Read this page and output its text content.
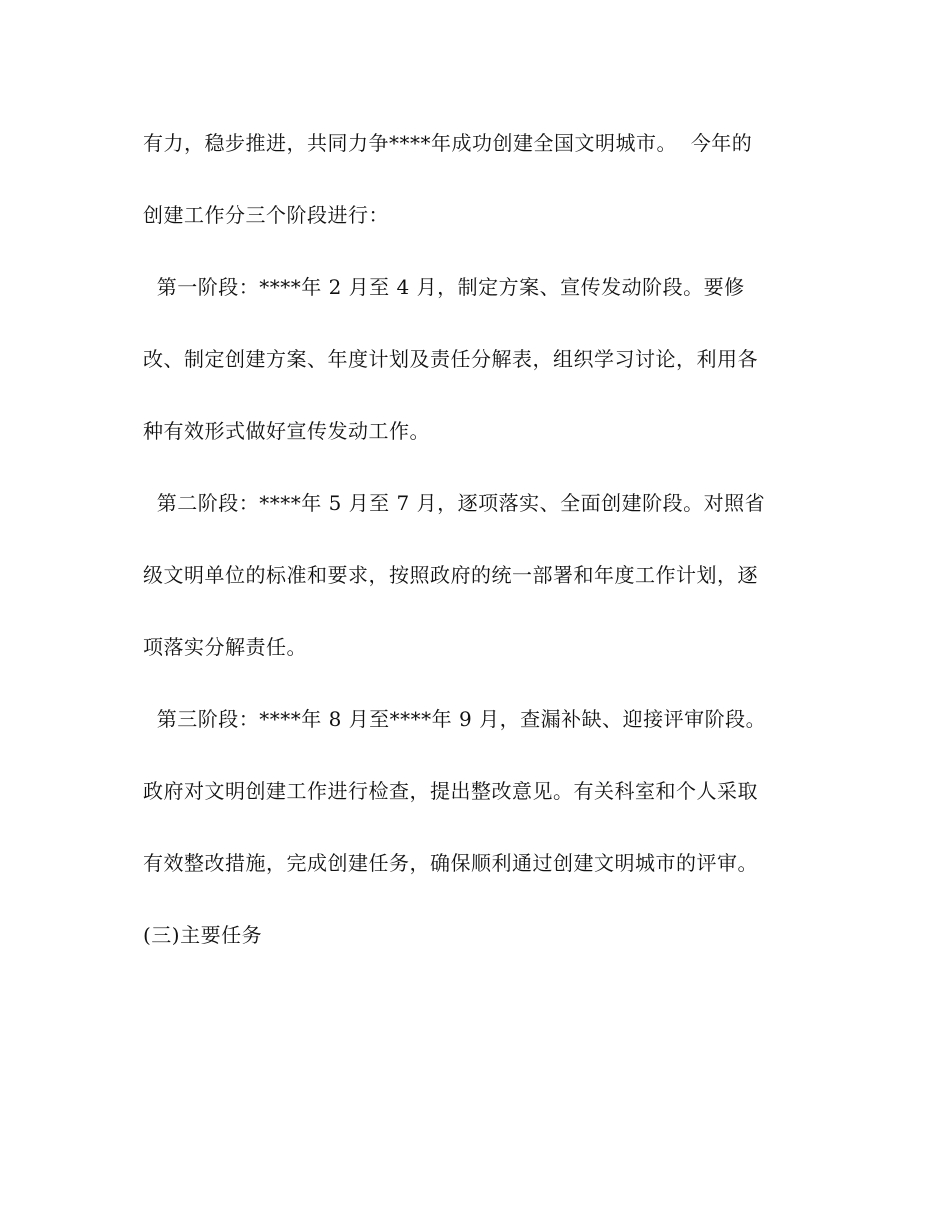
有力，稳步推进，共同力争****年成功创建全国文明城市。  今年的
创建工作分三个阶段进行：
第一阶段：****年 2 月至 4 月，制定方案、宣传发动阶段。要修
改、制定创建方案、年度计划及责任分解表，组织学习讨论，利用各
种有效形式做好宣传发动工作。
第二阶段：****年 5 月至 7 月，逐项落实、全面创建阶段。对照省
级文明单位的标准和要求，按照政府的统一部署和年度工作计划，逐
项落实分解责任。
第三阶段：****年 8 月至****年 9 月，查漏补缺、迎接评审阶段。
政府对文明创建工作进行检查，提出整改意见。有关科室和个人采取
有效整改措施，完成创建任务，确保顺利通过创建文明城市的评审。
(三)主要任务
